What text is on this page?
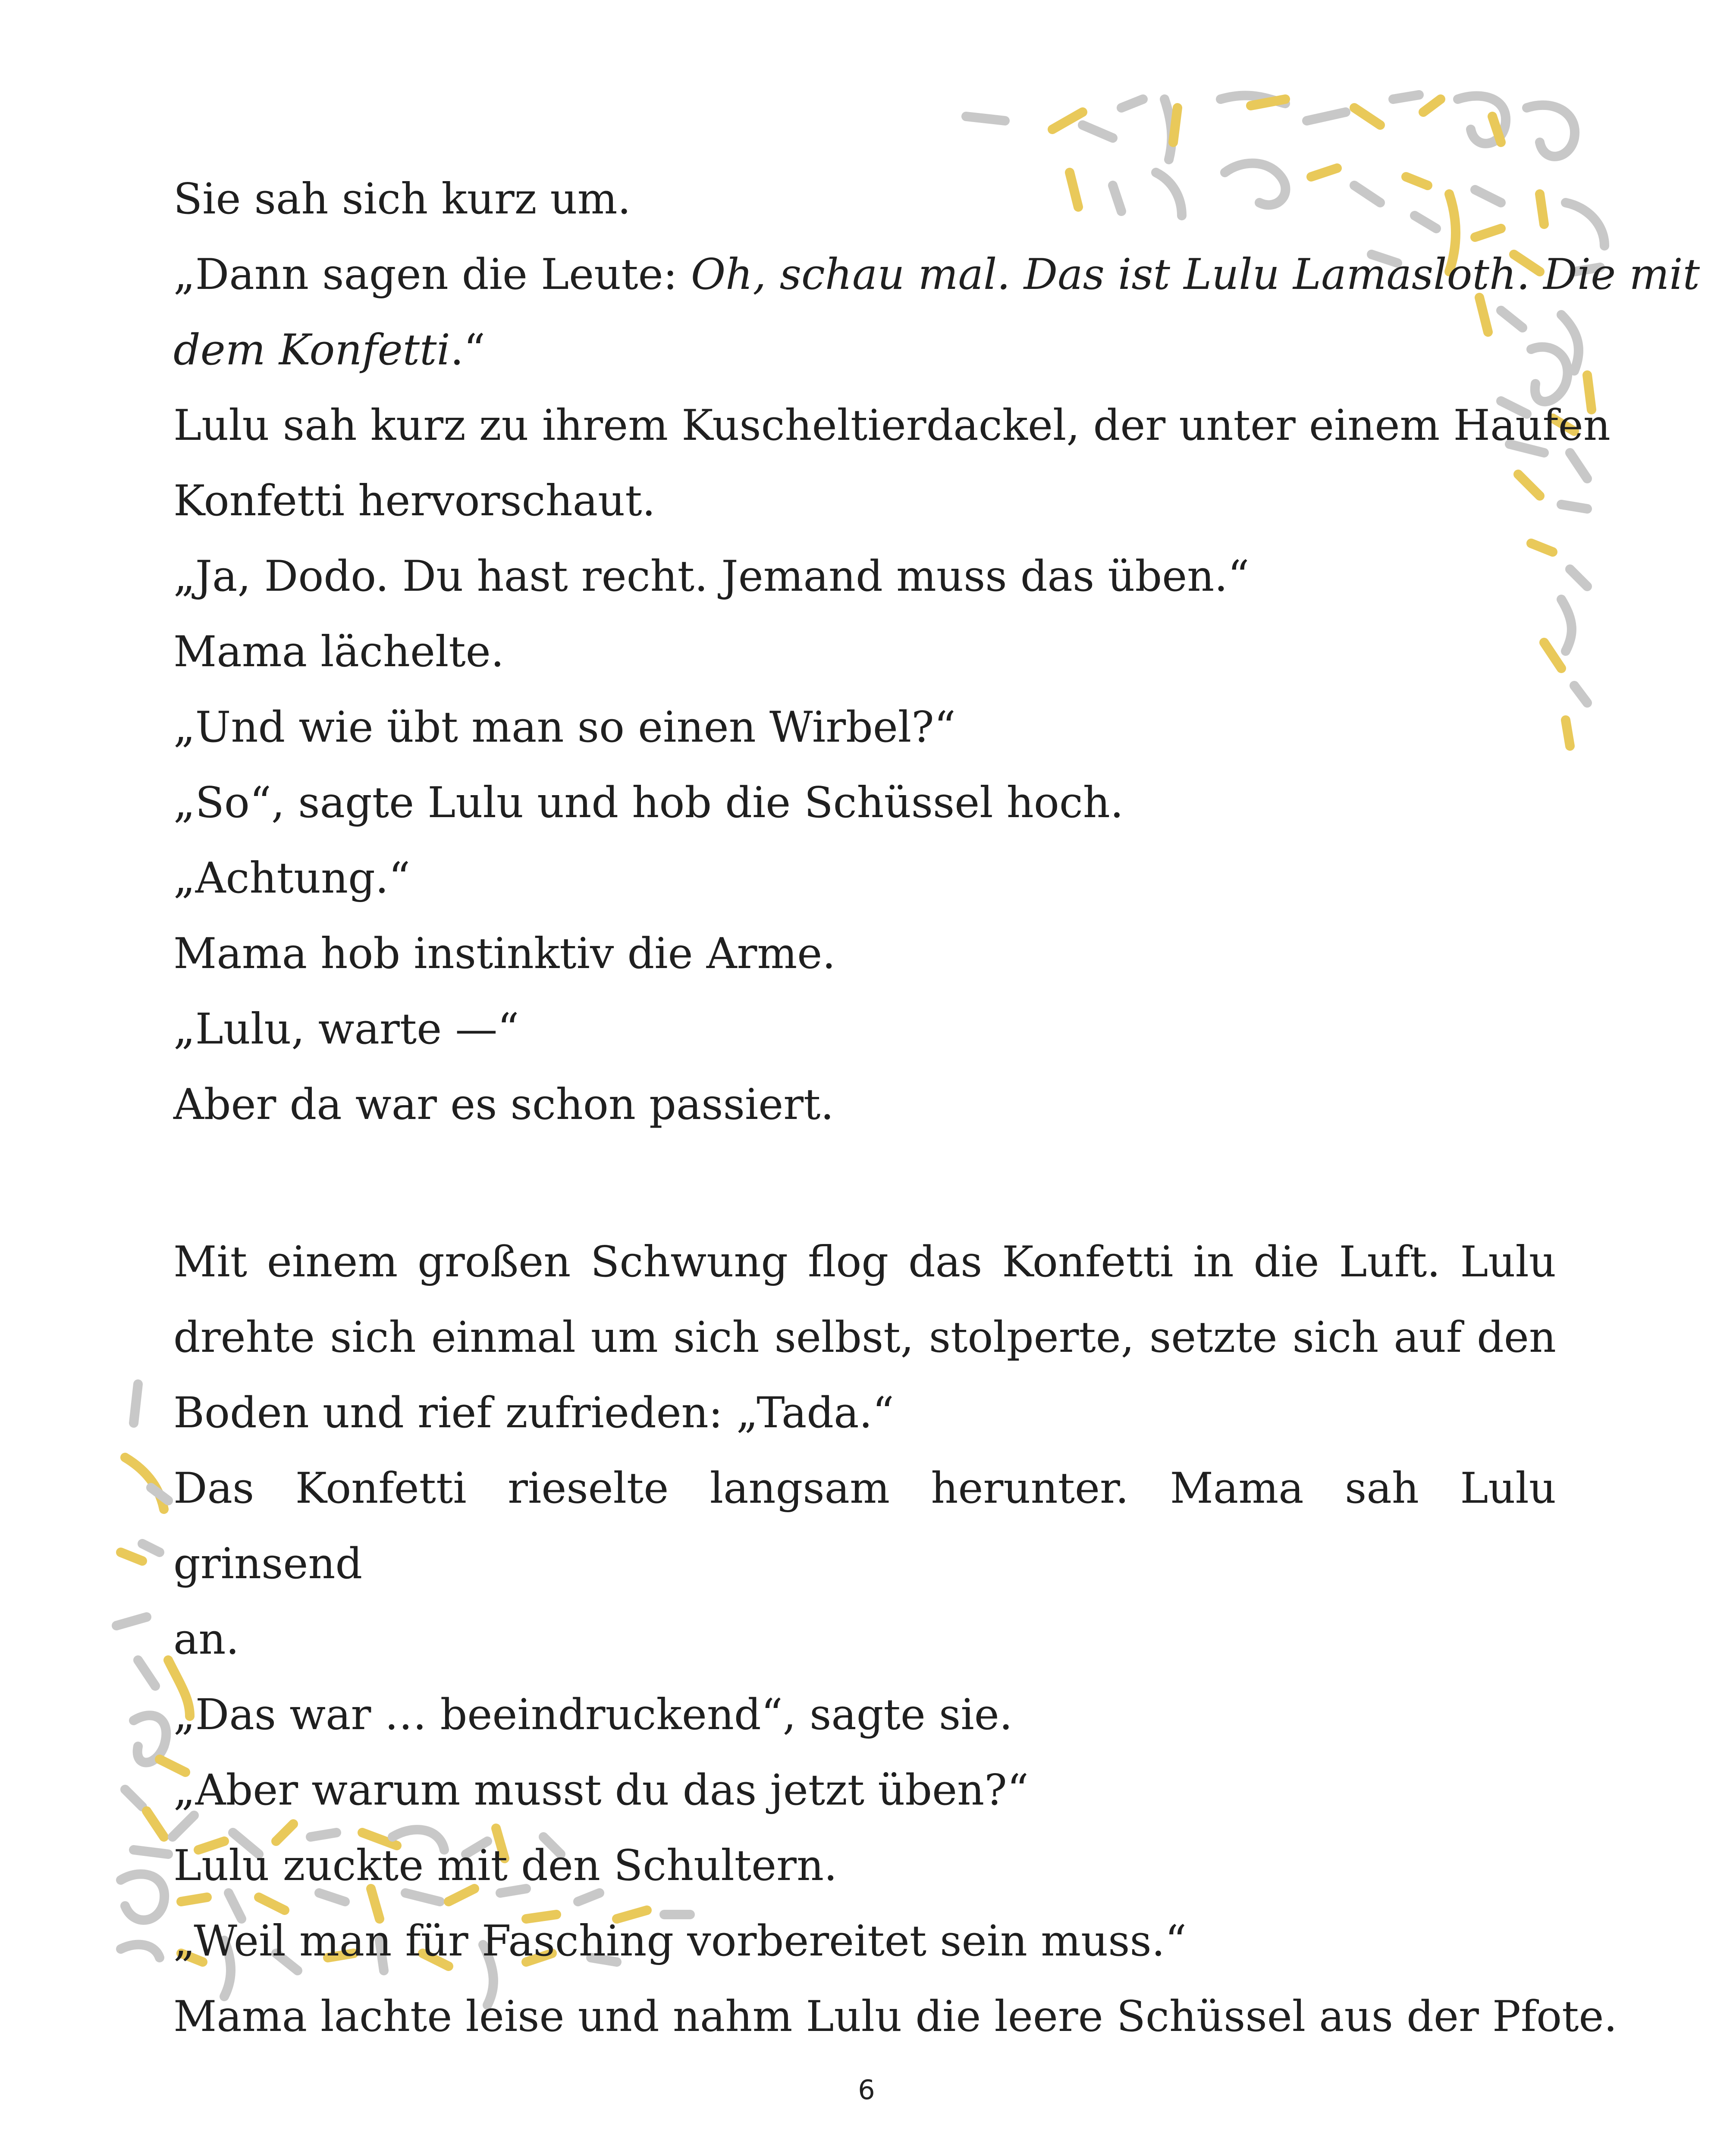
Sie sah sich kurz um.
„Dann sagen die Leute: Oh, schau mal. Das ist Lulu Lamasloth. Die mit
dem Konfetti.“
Lulu sah kurz zu ihrem Kuscheltierdackel, der unter einem Haufen
Konfetti hervorschaut.
„Ja, Dodo. Du hast recht. Jemand muss das üben.“
Mama lächelte.
„Und wie übt man so einen Wirbel?“
„So“, sagte Lulu und hob die Schüssel hoch.
„Achtung.“
Mama hob instinktiv die Arme.
„Lulu, warte —“
Aber da war es schon passiert.
Mit einem großen Schwung flog das Konfetti in die Luft. Lulu
drehte sich einmal um sich selbst, stolperte, setzte sich auf den
Boden und rief zufrieden: „Tada.“
Das Konfetti rieselte langsam herunter. Mama sah Lulu grinsend
an.
„Das war … beeindruckend“, sagte sie.
„Aber warum musst du das jetzt üben?“
Lulu zuckte mit den Schultern.
„Weil man für Fasching vorbereitet sein muss.“
Mama lachte leise und nahm Lulu die leere Schüssel aus der Pfote.
6
